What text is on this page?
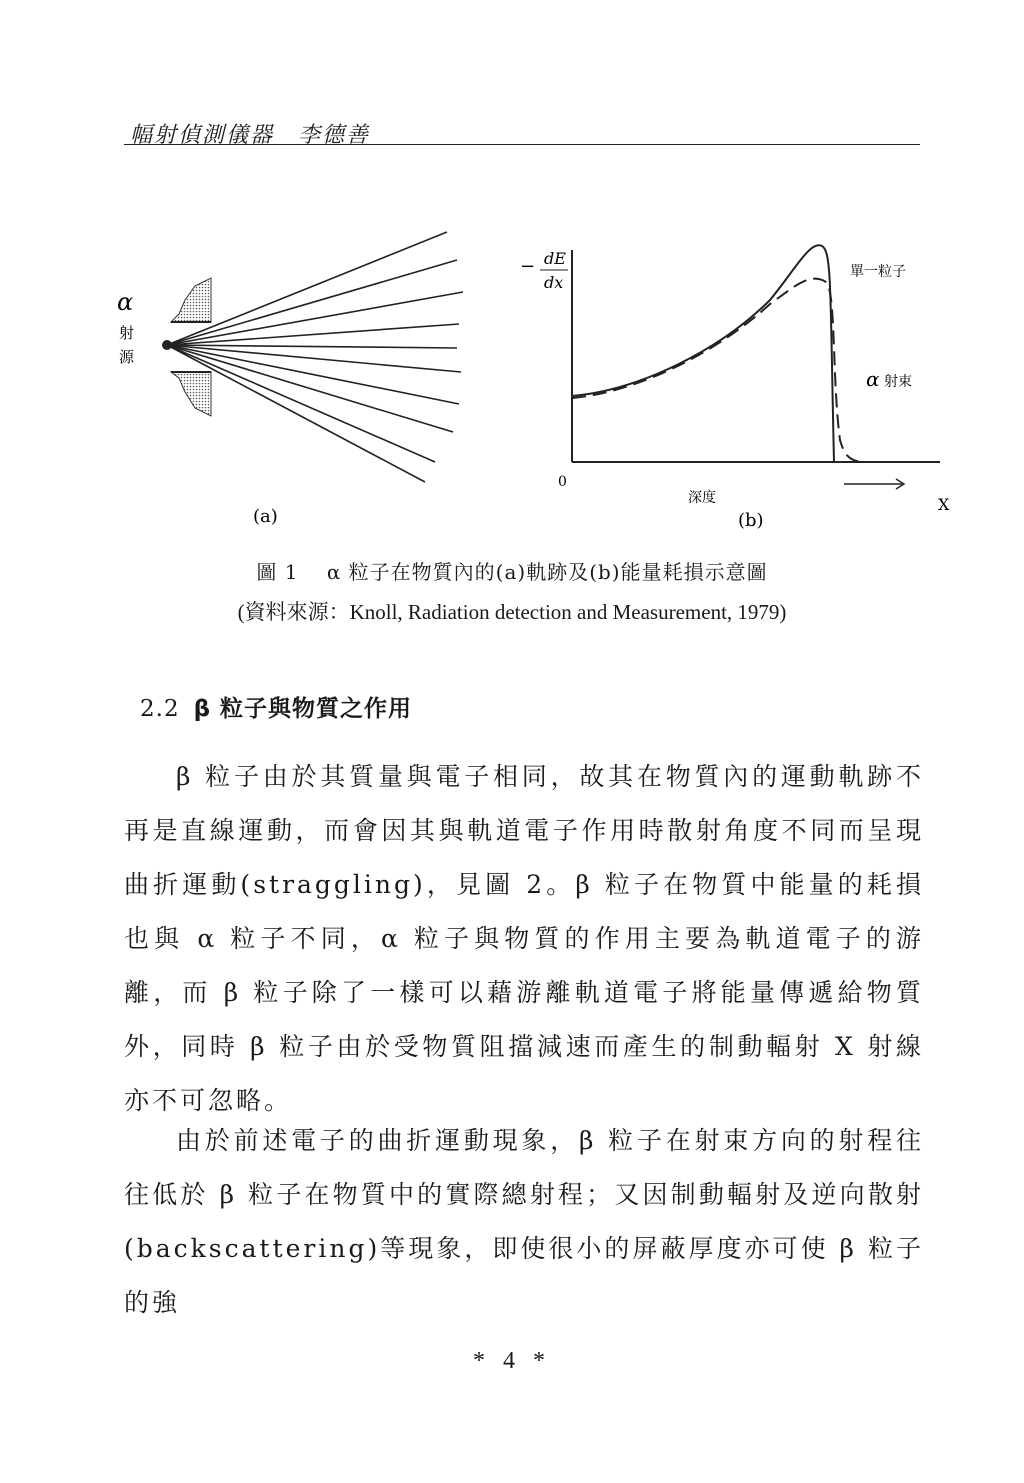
幅射偵測儀器　李德善
α
射
源
(a)
− dE
dx
0
單一粒子
α 射束
深度	X
(b)
圖 1　 α 粒子在物質內的(a)軌跡及(b)能量耗損示意圖
(資料來源：Knoll, Radiation detection and Measurement, 1979)
2.2 β 粒子與物質之作用
β 粒子由於其質量與電子相同，故其在物質內的運動軌跡不再是直線運動，而會因其與軌道電子作用時散射角度不同而呈現曲折運動(straggling)，見圖 2。β 粒子在物質中能量的耗損也與 α 粒子不同，α 粒子與物質的作用主要為軌道電子的游離，而 β 粒子除了一樣可以藉游離軌道電子將能量傳遞給物質外，同時 β 粒子由於受物質阻擋減速而產生的制動輻射 X 射線亦不可忽略。
由於前述電子的曲折運動現象，β 粒子在射束方向的射程往往低於 β 粒子在物質中的實際總射程；又因制動輻射及逆向散射(backscattering)等現象，即使很小的屏蔽厚度亦可使 β 粒子的強
* 4 *
